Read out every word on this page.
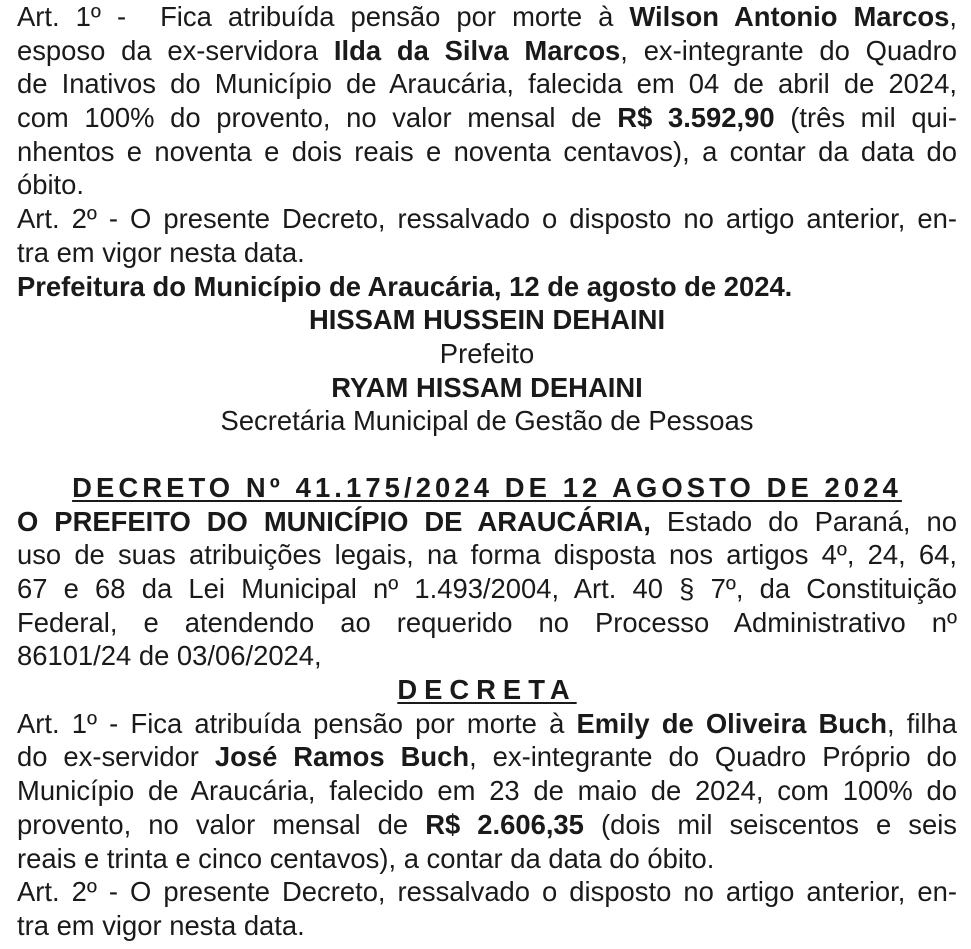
Art. 1º - Fica atribuída pensão por morte à Wilson Antonio Marcos,
esposo da ex-servidora Ilda da Silva Marcos, ex-integrante do Quadro
de Inativos do Município de Araucária, falecida em 04 de abril de 2024,
com 100% do provento, no valor mensal de R$ 3.592,90 (três mil qui-
nhentos e noventa e dois reais e noventa centavos), a contar da data do
óbito.
Art. 2º - O presente Decreto, ressalvado o disposto no artigo anterior, en-
tra em vigor nesta data.
Prefeitura do Município de Araucária, 12 de agosto de 2024.
HISSAM HUSSEIN DEHAINI
Prefeito
RYAM HISSAM DEHAINI
Secretária Municipal de Gestão de Pessoas
DECRETO Nº 41.175/2024 DE 12 AGOSTO DE 2024
O PREFEITO DO MUNICÍPIO DE ARAUCÁRIA, Estado do Paraná, no
uso de suas atribuições legais, na forma disposta nos artigos 4º, 24, 64,
67 e 68 da Lei Municipal nº 1.493/2004, Art. 40 § 7º, da Constituição
Federal, e atendendo ao requerido no Processo Administrativo nº
86101/24 de 03/06/2024,
DECRETA
Art. 1º - Fica atribuída pensão por morte à Emily de Oliveira Buch, filha
do ex-servidor José Ramos Buch, ex-integrante do Quadro Próprio do
Município de Araucária, falecido em 23 de maio de 2024, com 100% do
provento, no valor mensal de R$ 2.606,35 (dois mil seiscentos e seis
reais e trinta e cinco centavos), a contar da data do óbito.
Art. 2º - O presente Decreto, ressalvado o disposto no artigo anterior, en-
tra em vigor nesta data.
